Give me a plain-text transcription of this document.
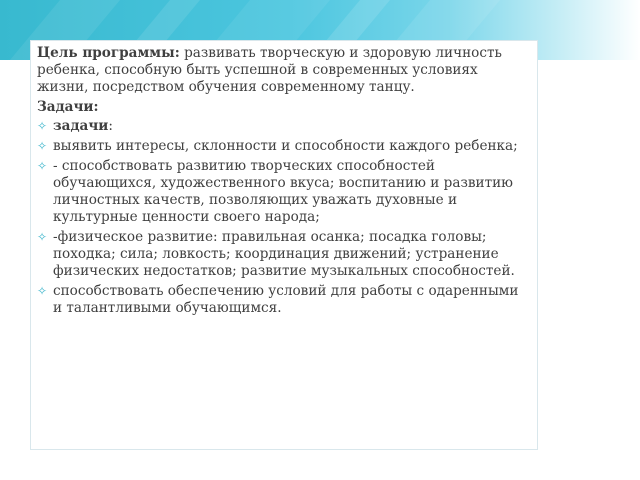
Цель программы: развивать творческую и здоровую личность ребенка, способную быть успешной в современных условиях жизни, посредством обучения современному танцу.

Задачи:

✧ задачи:
✧ выявить интересы, склонности и способности каждого ребенка;
✧ - способствовать развитию творческих способностей обучающихся, художественного вкуса; воспитанию и развитию личностных качеств, позволяющих уважать духовные и культурные ценности своего народа;
✧ -физическое развитие: правильная осанка; посадка головы; походка; сила; ловкость; координация движений; устранение физических недостатков; развитие музыкальных способностей.
✧ способствовать обеспечению условий для работы с одаренными и талантливыми обучающимся.
